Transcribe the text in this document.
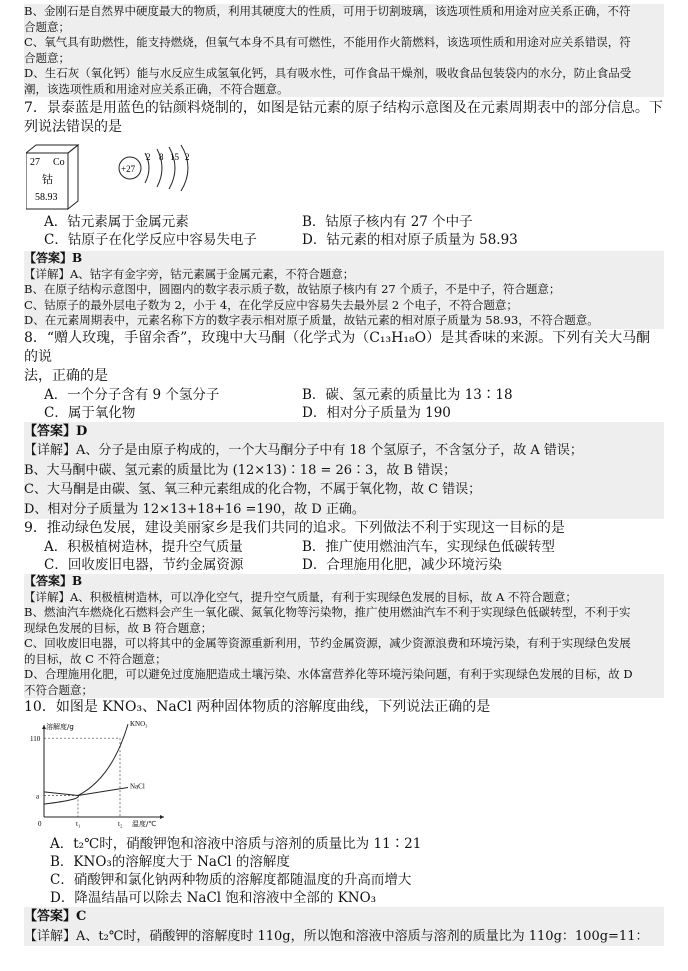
B、金刚石是自然界中硬度最大的物质，利用其硬度大的性质，可用于切割玻璃，该选项性质和用途对应关系正确，不符

合题意；

C、氧气具有助燃性，能支持燃烧，但氧气本身不具有可燃性，不能用作火箭燃料，该选项性质和用途对应关系错误，符

合题意；

D、生石灰（氧化钙）能与水反应生成氢氧化钙，具有吸水性，可作食品干燥剂，吸收食品包装袋内的水分，防止食品受

潮，该选项性质和用途对应关系正确，不符合题意。

7．景泰蓝是用蓝色的钴颜料烧制的，如图是钴元素的原子结构示意图及在元素周期表中的部分信息。下

列说法错误的是

27 Co
钴
58.93
+27
2 8 15 2
A．钴元素属于金属元素	B．钴原子核内有 27 个中子
C．钴原子在化学反应中容易失电子	D．钴元素的相对原子质量为 58.93

【答案】B

【详解】A、钴字有金字旁，钴元素属于金属元素，不符合题意；

B、在原子结构示意图中，圆圈内的数字表示质子数，故钴原子核内有 27 个质子，不是中子，符合题意；

C、钴原子的最外层电子数为 2，小于 4，在化学反应中容易失去最外层 2 个电子，不符合题意；

D、在元素周期表中，元素名称下方的数字表示相对原子质量，故钴元素的相对原子质量为 58.93，不符合题意。

8．“赠人玫瑰，手留余香”，玫瑰中大马酮（化学式为（C₁₃H₁₈O）是其香味的来源。下列有关大马酮的说

法，正确的是

A．一个分子含有 9 个氢分子	B．碳、氢元素的质量比为 13∶18
C．属于氧化物	D．相对分子质量为 190

【答案】D

【详解】A、分子是由原子构成的，一个大马酮分子中有 18 个氢原子，不含氢分子，故 A 错误；

B、大马酮中碳、氢元素的质量比为 (12×13)∶18 = 26∶3，故 B 错误；

C、大马酮是由碳、氢、氧三种元素组成的化合物，不属于氧化物，故 C 错误；

D、相对分子质量为 12×13+18+16 =190，故 D 正确。

9．推动绿色发展，建设美丽家乡是我们共同的追求。下列做法不利于实现这一目标的是

A．积极植树造林，提升空气质量	B．推广使用燃油汽车，实现绿色低碳转型
C．回收废旧电器，节约金属资源	D．合理施用化肥，减少环境污染

【答案】B

【详解】A、积极植树造林，可以净化空气，提升空气质量，有利于实现绿色发展的目标，故 A 不符合题意；

B、燃油汽车燃烧化石燃料会产生一氧化碳、氮氧化物等污染物，推广使用燃油汽车不利于实现绿色低碳转型，不利于实

现绿色发展的目标，故 B 符合题意；

C、回收废旧电器，可以将其中的金属等资源重新利用，节约金属资源，减少资源浪费和环境污染，有利于实现绿色发展

的目标，故 C 不符合题意；

D、合理施用化肥，可以避免过度施肥造成土壤污染、水体富营养化等环境污染问题，有利于实现绿色发展的目标，故 D

不符合题意；

10．如图是 KNO₃、NaCl 两种固体物质的溶解度曲线，下列说法正确的是

溶解度/g
温度/℃
0	t₁	t₂
110
a
KNO₃
NaCl
A．t₂℃时，硝酸钾饱和溶液中溶质与溶剂的质量比为 11∶21
B．KNO₃的溶解度大于 NaCl 的溶解度
C．硝酸钾和氯化钠两种物质的溶解度都随温度的升高而增大
D．降温结晶可以除去 NaCl 饱和溶液中全部的 KNO₃

【答案】C

【详解】A、t₂℃时，硝酸钾的溶解度时 110g，所以饱和溶液中溶质与溶剂的质量比为 110g：100g=11：
